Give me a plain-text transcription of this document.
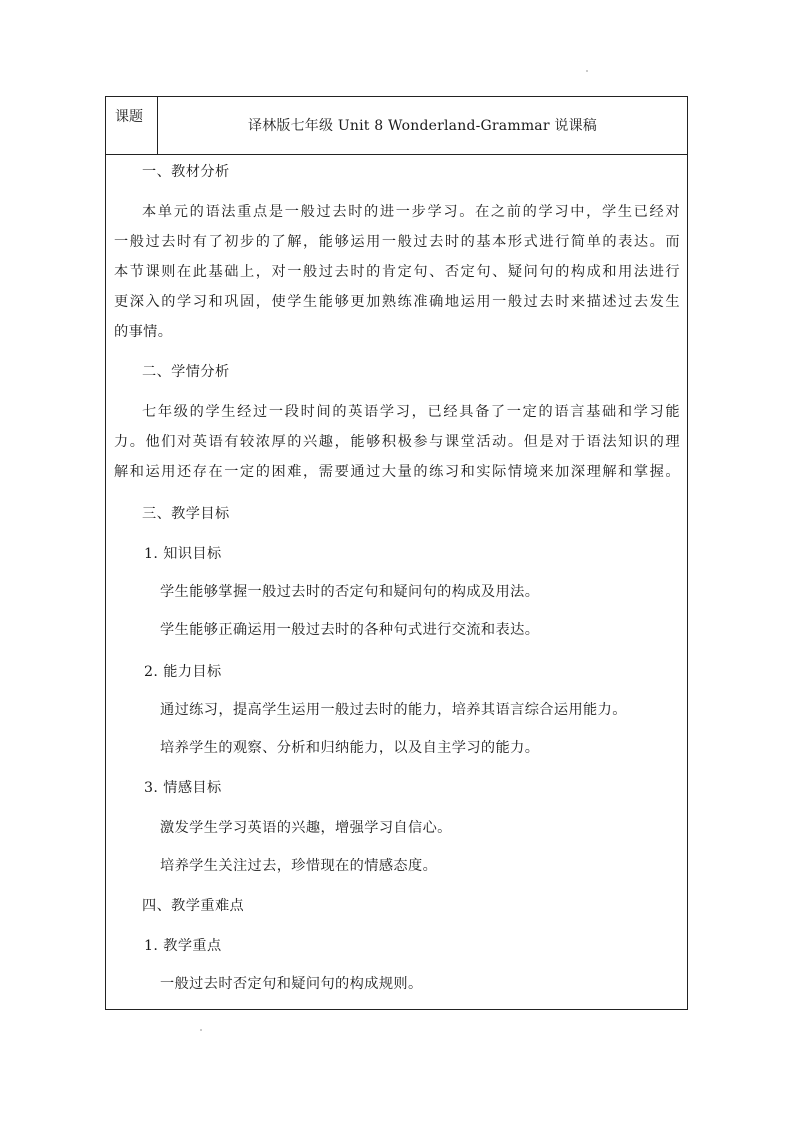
课题
译林版七年级 Unit 8 Wonderland-Grammar 说课稿
一、教材分析
本单元的语法重点是一般过去时的进一步学习。在之前的学习中，学生已经对
一般过去时有了初步的了解，能够运用一般过去时的基本形式进行简单的表达。而
本节课则在此基础上，对一般过去时的肯定句、否定句、疑问句的构成和用法进行
更深入的学习和巩固，使学生能够更加熟练准确地运用一般过去时来描述过去发生
的事情。
二、学情分析
七年级的学生经过一段时间的英语学习，已经具备了一定的语言基础和学习能
力。他们对英语有较浓厚的兴趣，能够积极参与课堂活动。但是对于语法知识的理
解和运用还存在一定的困难，需要通过大量的练习和实际情境来加深理解和掌握。
三、教学目标
1. 知识目标
学生能够掌握一般过去时的否定句和疑问句的构成及用法。
学生能够正确运用一般过去时的各种句式进行交流和表达。
2. 能力目标
通过练习，提高学生运用一般过去时的能力，培养其语言综合运用能力。
培养学生的观察、分析和归纳能力，以及自主学习的能力。
3. 情感目标
激发学生学习英语的兴趣，增强学习自信心。
培养学生关注过去，珍惜现在的情感态度。
四、教学重难点
1. 教学重点
一般过去时否定句和疑问句的构成规则。
